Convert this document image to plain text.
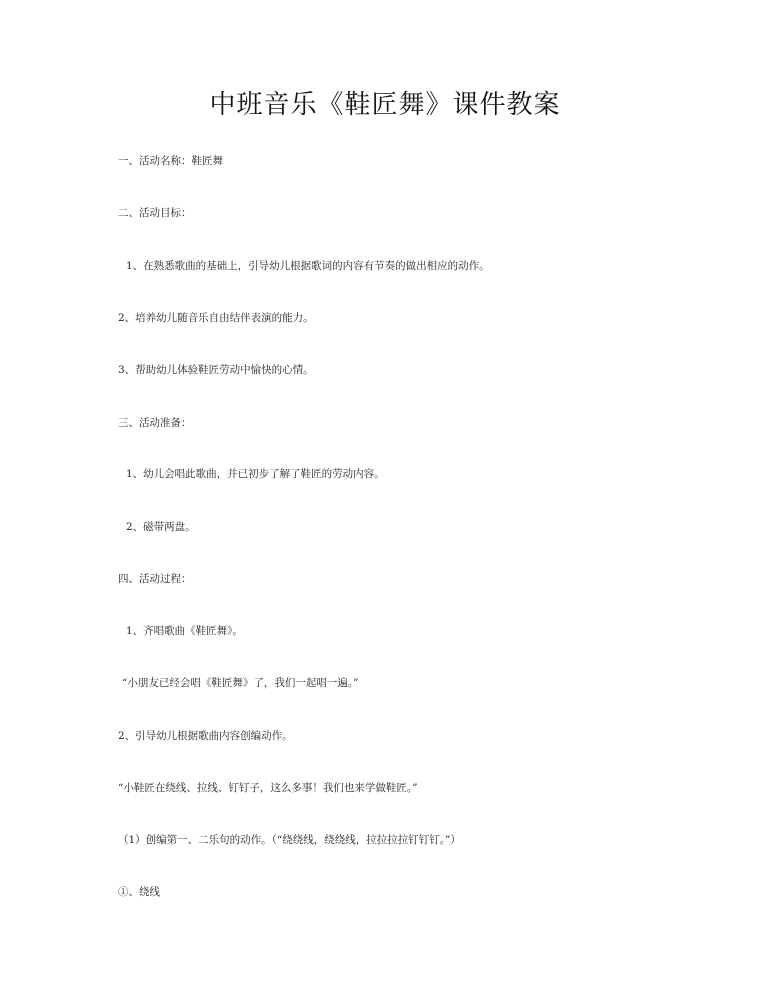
中班音乐《鞋匠舞》课件教案
一、活动名称：鞋匠舞
二、活动目标：
1、在熟悉歌曲的基础上，引导幼儿根据歌词的内容有节奏的做出相应的动作。
2、培养幼儿随音乐自由结伴表演的能力。
3、帮助幼儿体验鞋匠劳动中愉快的心情。
三、活动准备：
1、幼儿会唱此歌曲，并已初步了解了鞋匠的劳动内容。
2、磁带两盘。
四、活动过程：
1、齐唱歌曲《鞋匠舞》。
“小朋友已经会唱《鞋匠舞》了，我们一起唱一遍。”
2、引导幼儿根据歌曲内容创编动作。
“小鞋匠在绕线、拉线、钉钉子，这么多事！我们也来学做鞋匠。”
（1）创编第一、二乐句的动作。（“绕绕线，绕绕线，拉拉拉拉钉钉钉。”）
①、绕线
